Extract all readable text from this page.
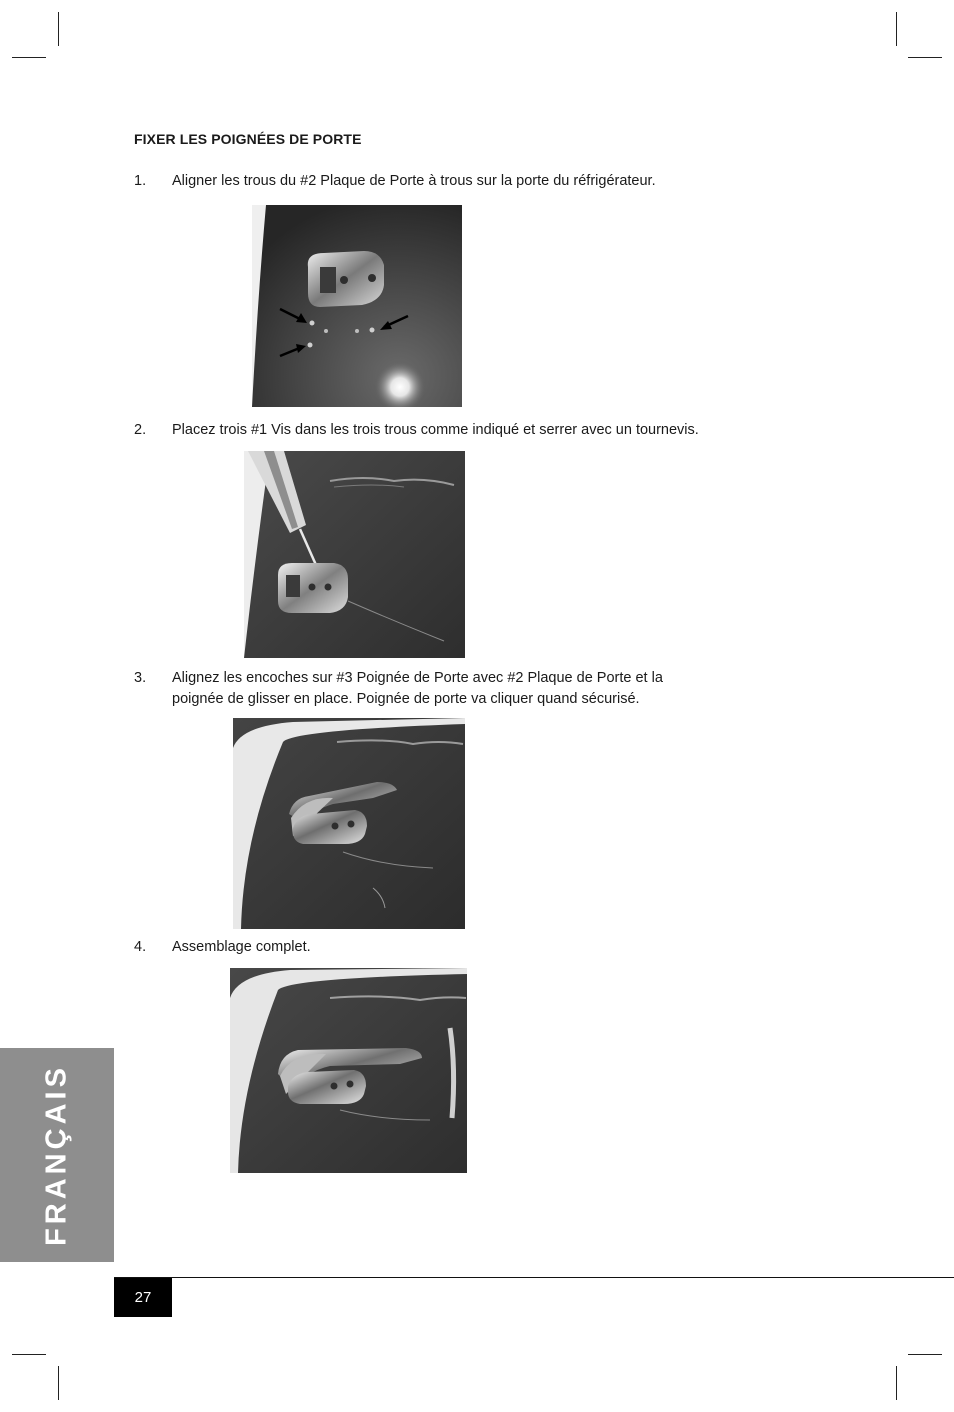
FIXER LES POIGNÉES DE PORTE
1.	Aligner les trous du #2 Plaque de Porte à trous sur la porte du réfrigérateur.
2.	Placez trois #1 Vis dans les trois trous comme indiqué et serrer avec un tournevis.
3.	Alignez les encoches sur #3 Poignée de Porte avec #2 Plaque de Porte et la
poignée de glisser en place. Poignée de porte va cliquer quand sécurisé.
4.	Assemblage complet.
FRANÇAIS
27
